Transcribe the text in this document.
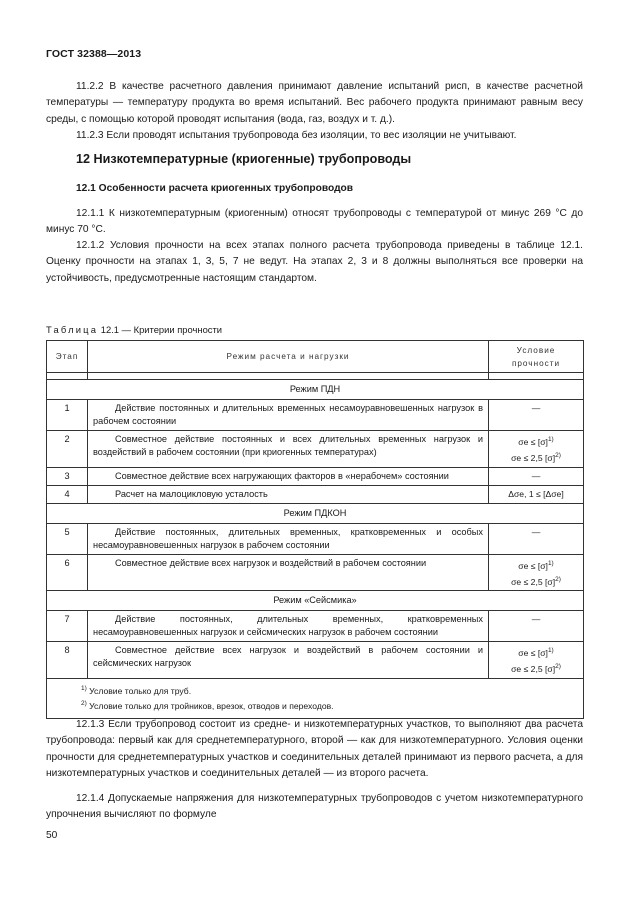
ГОСТ 32388—2013
11.2.2 В качестве расчетного давления принимают давление испытаний pисп, в качестве расчетной температуры — температуру продукта во время испытаний. Вес рабочего продукта принимают равным весу среды, с помощью которой проводят испытания (вода, газ, воздух и т. д.).
11.2.3 Если проводят испытания трубопровода без изоляции, то вес изоляции не учитывают.
12 Низкотемпературные (криогенные) трубопроводы
12.1 Особенности расчета криогенных трубопроводов
12.1.1 К низкотемпературным (криогенным) относят трубопроводы с температурой от минус 269 °С до минус 70 °С.
12.1.2 Условия прочности на всех этапах полного расчета трубопровода приведены в таблице 12.1. Оценку прочности на этапах 1, 3, 5, 7 не ведут. На этапах 2, 3 и 8 должны выполняться все проверки на устойчивость, предусмотренные настоящим стандартом.
Таблица 12.1 — Критерии прочности
Этап	Режим расчета и нагрузки	Условие прочности

Режим ПДН		
1	Действие постоянных и длительных временных несамоуравновешенных нагрузок в рабочем состоянии	—
2	Совместное действие постоянных и всех длительных временных нагрузок и воздействий в рабочем состоянии (при криогенных температурах)	$\sigma e \le [\sigma]^{1)}$
σe ≤ 2,5 $[\sigma]^{2)}$

3	Совместное действие всех нагружающих факторов в «нерабочем» состоянии	—
4	Расчет на малоцикловую усталость	Δσe, 1 ≤ [Δσe]
Режим ПДКОН		
5	Действие постоянных, длительных временных, кратковременных и особых несамоуравновешенных нагрузок в рабочем состоянии	—
6	Совместное действие всех нагрузок и воздействий в рабочем состоянии	$\sigma e \le [\sigma]^{1)}$
σe ≤ 2,5 $[\sigma]^{2)}$

Режим «Сейсмика»		
7	Действие постоянных, длительных временных, кратковременных несамоуравновешенных нагрузок и сейсмических нагрузок в рабочем состоянии	—
8	Совместное действие всех нагрузок и воздействий в рабочем состоянии и сейсмических нагрузок	$\sigma e \le [\sigma]^{1)}$
σe ≤ 2,5 $[\sigma]^{2)}$

$^{1)}$ Условие только для труб.
$^{2)}$ Условие только для тройников, врезок, отводов и переходов.		
12.1.3 Если трубопровод состоит из средне- и низкотемпературных участков, то выполняют два расчета трубопровода: первый как для среднетемпературного, второй — как для низкотемпературного. Условия оценки прочности для среднетемпературных участков и соединительных деталей принимают из первого расчета, а для низкотемпературных участков и соединительных деталей — из второго расчета.
12.1.4 Допускаемые напряжения для низкотемпературных трубопроводов с учетом низкотемпературного упрочнения вычисляют по формуле
50
